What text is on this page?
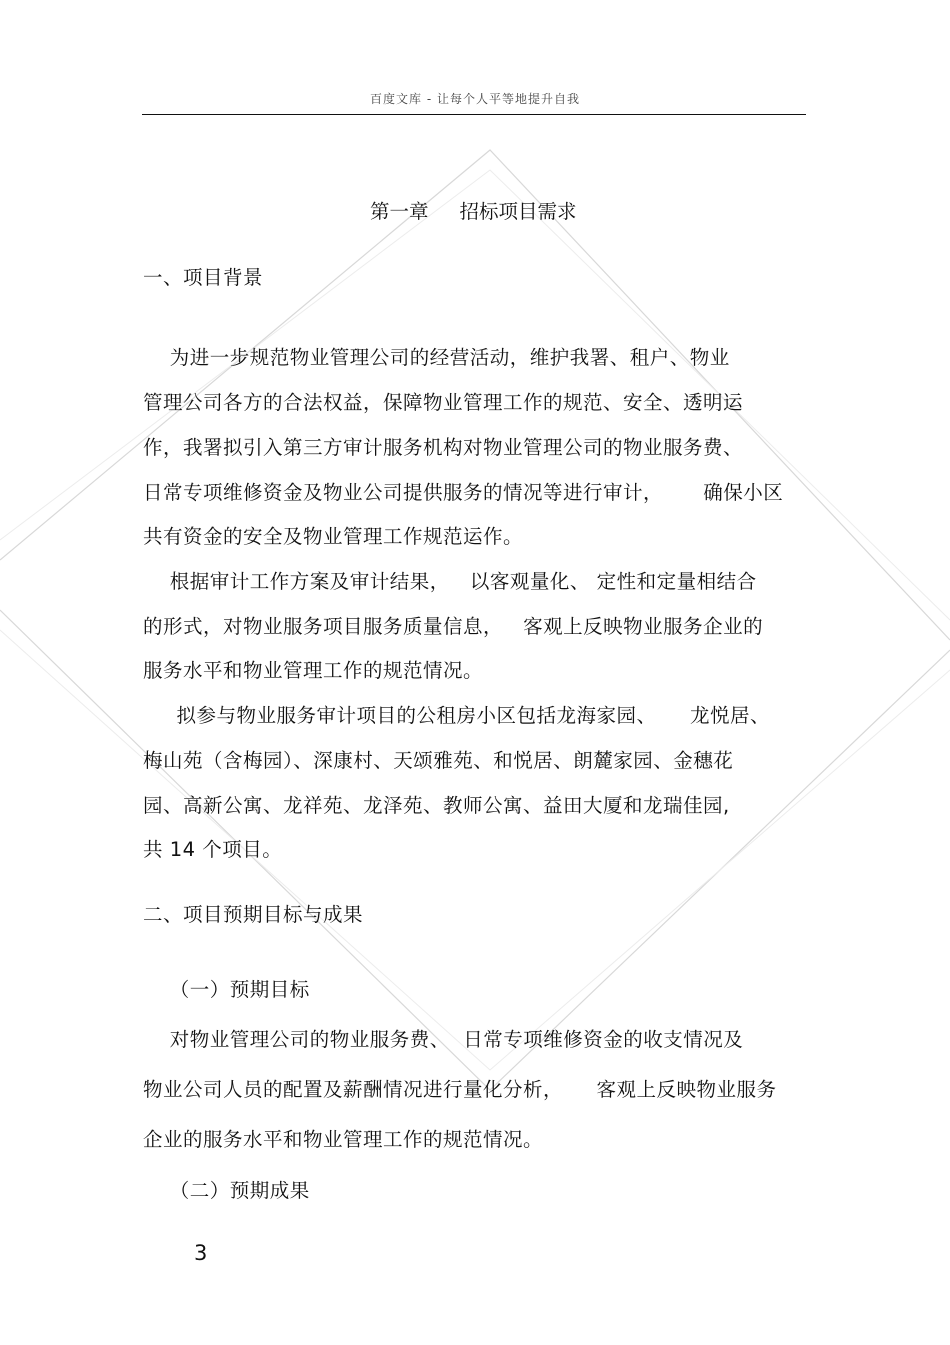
百度文库 - 让每个人平等地提升自我
第一章     招标项目需求
一、项目背景
为进一步规范物业管理公司的经营活动，维护我署、租户、物业
管理公司各方的合法权益，保障物业管理工作的规范、安全、透明运
作，我署拟引入第三方审计服务机构对物业管理公司的物业服务费、
日常专项维修资金及物业公司提供服务的情况等进行审计，      确保小区
共有资金的安全及物业管理工作规范运作。
根据审计工作方案及审计结果，   以客观量化、 定性和定量相结合
的形式，对物业服务项目服务质量信息，   客观上反映物业服务企业的
服务水平和物业管理工作的规范情况。
拟参与物业服务审计项目的公租房小区包括龙海家园、     龙悦居、
梅山苑（含梅园）、深康村、天颂雅苑、和悦居、朗麓家园、金穗花
园、高新公寓、龙祥苑、龙泽苑、教师公寓、益田大厦和龙瑞佳园,
共 14 个项目。
二、项目预期目标与成果
（一）预期目标
对物业管理公司的物业服务费、  日常专项维修资金的收支情况及
物业公司人员的配置及薪酬情况进行量化分析，     客观上反映物业服务
企业的服务水平和物业管理工作的规范情况。
（二）预期成果
3
